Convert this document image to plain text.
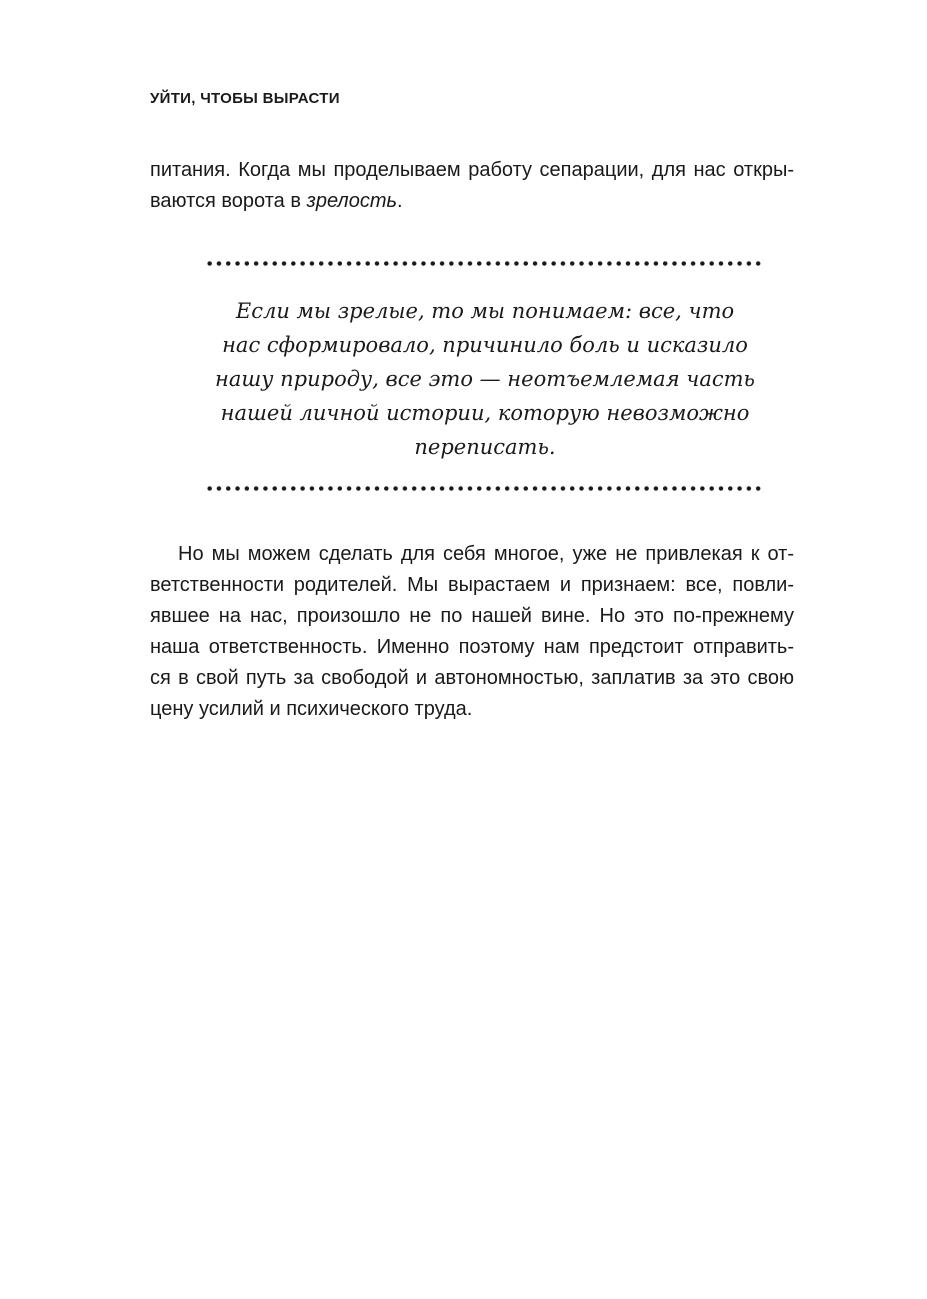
УЙТИ, ЧТОБЫ ВЫРАСТИ
питания. Когда мы проделываем работу сепарации, для нас откры-
ваются ворота в зрелость.
Если мы зрелые, то мы понимаем: все, что
нас сформировало, причинило боль и исказило
нашу природу, все это — неотъемлемая часть
нашей личной истории, которую невозможно
переписать.
Но мы можем сделать для себя многое, уже не привлекая к от-
ветственности родителей. Мы вырастаем и признаем: все, повли-
явшее на нас, произошло не по нашей вине. Но это по-прежнему
наша ответственность. Именно поэтому нам предстоит отправить-
ся в свой путь за свободой и автономностью, заплатив за это свою
цену усилий и психического труда.
